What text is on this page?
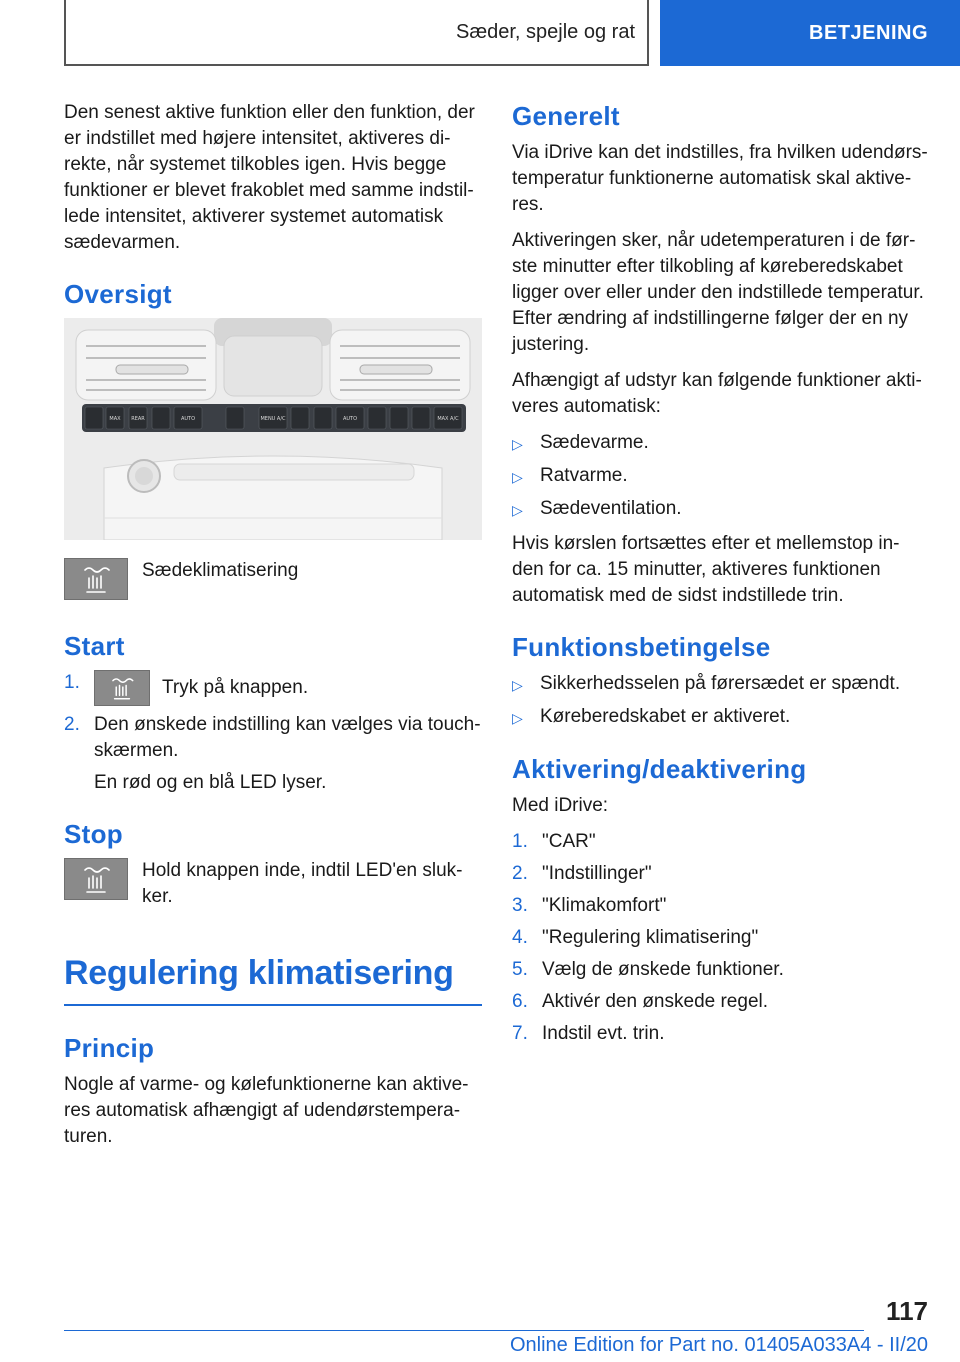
Sæder, spejle og rat	BETJENING

Den senest aktive funktion eller den funktion, der er indstillet med højere intensitet, aktiveres di-rekte, når systemet tilkobles igen. Hvis begge funktioner er blevet frakoblet med samme indstil-lede intensitet, aktiverer systemet automatisk sædevarmen.

Oversigt
MAX REAR	AUTO	MENU A/C	AUTO	MAX A/C
Sædeklimatisering
Start
1.	Tryk på knappen.
2. Den ønskede indstilling kan vælges via touch-skærmen.

En rød og en blå LED lyser.

Stop
Hold knappen inde, indtil LED'en sluk-ker.
Regulering klimatisering
Princip

Nogle af varme- og kølefunktionerne kan aktive-res automatisk afhængigt af udendørstempera-turen.

Generelt

Via iDrive kan det indstilles, fra hvilken udendørs-temperatur funktionerne automatisk skal aktive-res.

Aktiveringen sker, når udetemperaturen i de før-ste minutter efter tilkobling af køreberedskabet ligger over eller under den indstillede temperatur. Efter ændring af indstillingerne følger der en ny justering.

Afhængigt af udstyr kan følgende funktioner akti-veres automatisk:

▷ Sædevarme.
▷ Ratvarme.
▷ Sædeventilation.

Hvis kørslen fortsættes efter et mellemstop in-den for ca. 15 minutter, aktiveres funktionen automatisk med de sidst indstillede trin.

Funktionsbetingelse
▷ Sikkerhedsselen på førersædet er spændt.
▷ Køreberedskabet er aktiveret.
Aktivering/deaktivering

Med iDrive:

1. "CAR"
2. "Indstillinger"
3. "Klimakomfort"
4. "Regulering klimatisering"
5. Vælg de ønskede funktioner.
6. Aktivér den ønskede regel.
7. Indstil evt. trin.
117
Online Edition for Part no. 01405A033A4 - II/20
